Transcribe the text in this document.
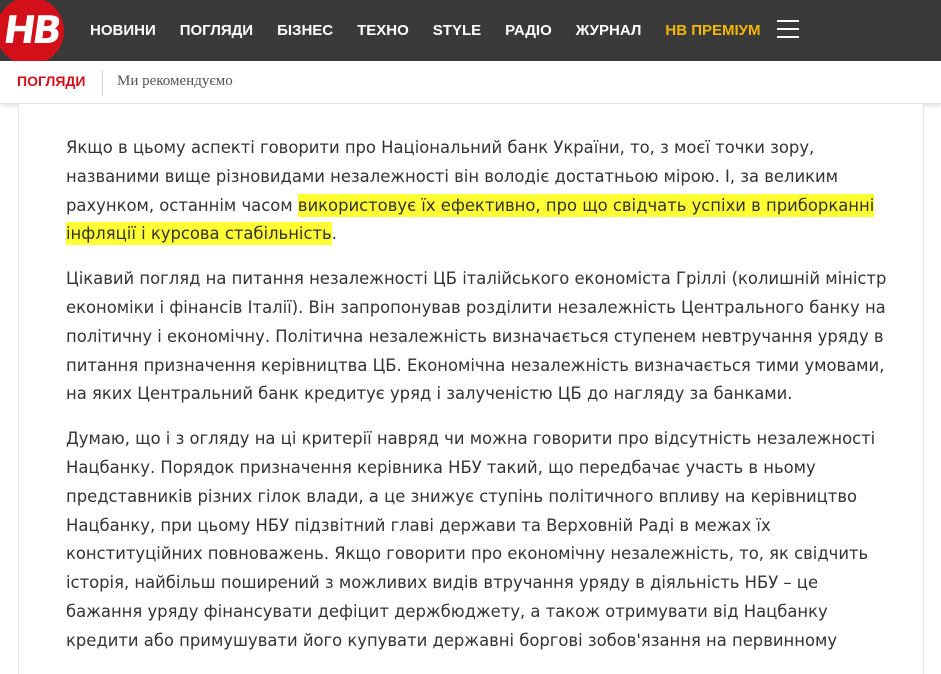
НВ НОВИНИ ПОГЛЯДИ БІЗНЕС ТЕХНО STYLE РАДІО ЖУРНАЛ НВ ПРЕМІУМ
ПОГЛЯДИ Ми рекомендуємо

Якщо в цьому аспекті говорити про Національний банк України, то, з моєї точки зору, названими вище різновидами незалежності він володіє достатньою мірою. І, за великим рахунком, останнім часом використовує їх ефективно, про що свідчать успіхи в приборканні інфляції і курсова стабільність.

Цікавий погляд на питання незалежності ЦБ італійського економіста Гріллі (колишній міністр економіки і фінансів Італії). Він запропонував розділити незалежність Центрального банку на політичну і економічну. Політична незалежність визначається ступенем невтручання уряду в питання призначення керівництва ЦБ. Економічна незалежність визначається тими умовами, на яких Центральний банк кредитує уряд і залученістю ЦБ до нагляду за банками.

Думаю, що і з огляду на ці критерії навряд чи можна говорити про відсутність незалежності Нацбанку. Порядок призначення керівника НБУ такий, що передбачає участь в ньому представників різних гілок влади, а це знижує ступінь політичного впливу на керівництво Нацбанку, при цьому НБУ підзвітний главі держави та Верховній Раді в межах їх конституційних повноважень. Якщо говорити про економічну незалежність, то, як свідчить історія, найбільш поширений з можливих видів втручання уряду в діяльність НБУ – це бажання уряду фінансувати дефіцит держбюджету, а також отримувати від Нацбанку кредити або примушувати його купувати державні боргові зобов'язання на первинному
